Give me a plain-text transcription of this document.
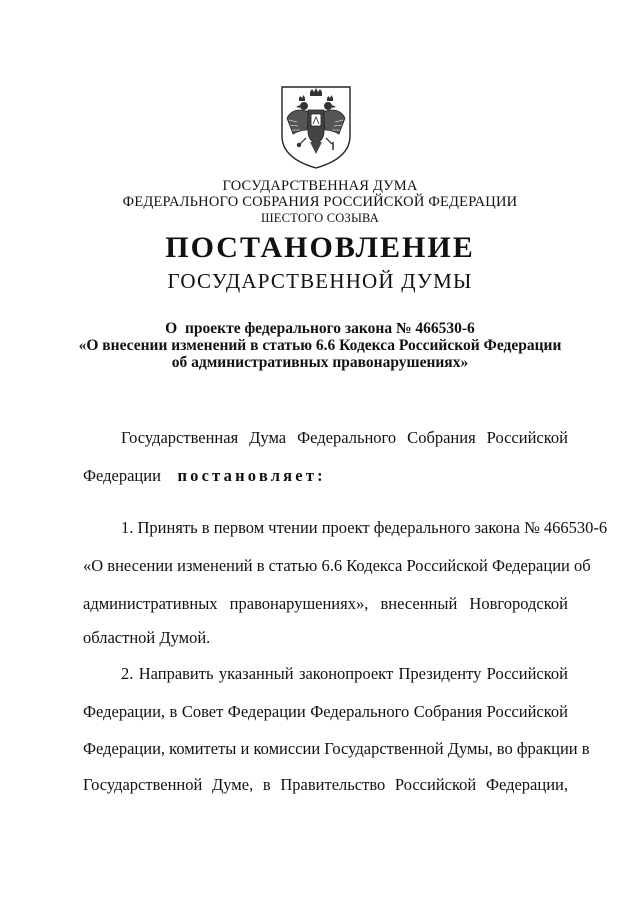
ГОСУДАРСТВЕННАЯ ДУМА
ФЕДЕРАЛЬНОГО СОБРАНИЯ РОССИЙСКОЙ ФЕДЕРАЦИИ
ШЕСТОГО СОЗЫВА
ПОСТАНОВЛЕНИЕ
ГОСУДАРСТВЕННОЙ ДУМЫ
О  проекте федерального закона № 466530-6
«О внесении изменений в статью 6.6 Кодекса Российской Федерации
об административных правонарушениях»
Государственная Дума Федерального Собрания Российской
Федерации постановляет:
1. Принять в первом чтении проект федерального закона № 466530-6
«О внесении изменений в статью 6.6 Кодекса Российской Федерации об
административных правонарушениях», внесенный Новгородской
областной Думой.
2. Направить указанный законопроект Президенту Российской
Федерации, в Совет Федерации Федерального Собрания Российской
Федерации, комитеты и комиссии Государственной Думы, во фракции в
Государственной Думе, в Правительство Российской Федерации,
